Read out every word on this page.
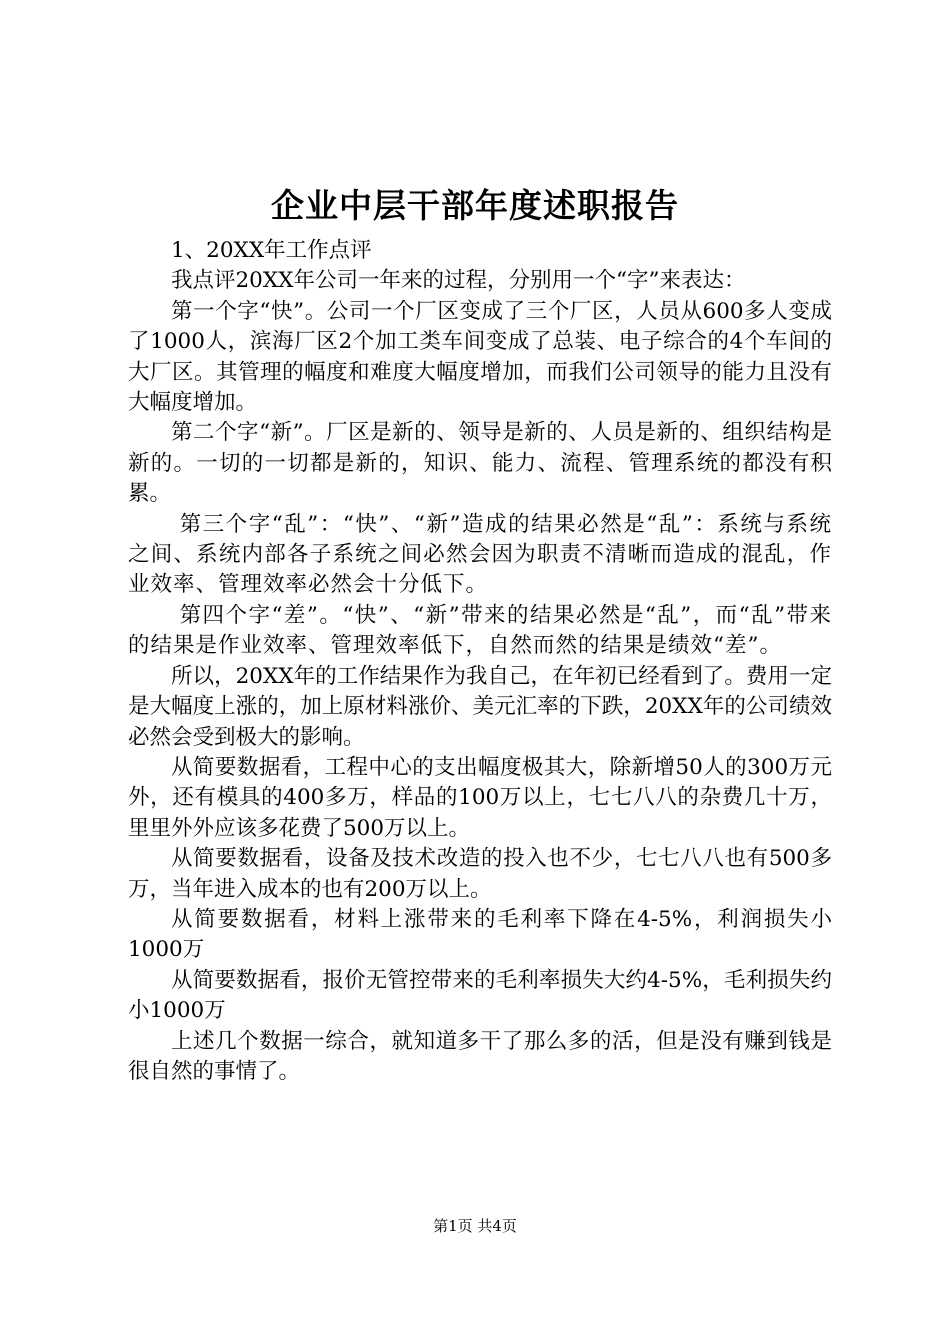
企业中层干部年度述职报告

1、20XX年工作点评

我点评20XX年公司一年来的过程，分别用一个“字”来表达：

第一个字“快”。公司一个厂区变成了三个厂区，人员从600多人变成了1000人，滨海厂区2个加工类车间变成了总装、电子综合的4个车间的大厂区。其管理的幅度和难度大幅度增加，而我们公司领导的能力且没有大幅度增加。

第二个字“新”。厂区是新的、领导是新的、人员是新的、组织结构是新的。一切的一切都是新的，知识、能力、流程、管理系统的都没有积累。

第三个字“乱”：“快”、“新”造成的结果必然是“乱”：系统与系统之间、系统内部各子系统之间必然会因为职责不清晰而造成的混乱，作业效率、管理效率必然会十分低下。

第四个字“差”。“快”、“新”带来的结果必然是“乱”，而“乱”带来的结果是作业效率、管理效率低下，自然而然的结果是绩效“差”。

所以，20XX年的工作结果作为我自己，在年初已经看到了。费用一定是大幅度上涨的，加上原材料涨价、美元汇率的下跌，20XX年的公司绩效必然会受到极大的影响。

从简要数据看，工程中心的支出幅度极其大，除新增50人的300万元外，还有模具的400多万，样品的100万以上，七七八八的杂费几十万，里里外外应该多花费了500万以上。

从简要数据看，设备及技术改造的投入也不少，七七八八也有500多万，当年进入成本的也有200万以上。

从简要数据看，材料上涨带来的毛利率下降在4-5%，利润损失小1000万

从简要数据看，报价无管控带来的毛利率损失大约4-5%，毛利损失约小1000万

上述几个数据一综合，就知道多干了那么多的活，但是没有赚到钱是很自然的事情了。

第1页 共4页
